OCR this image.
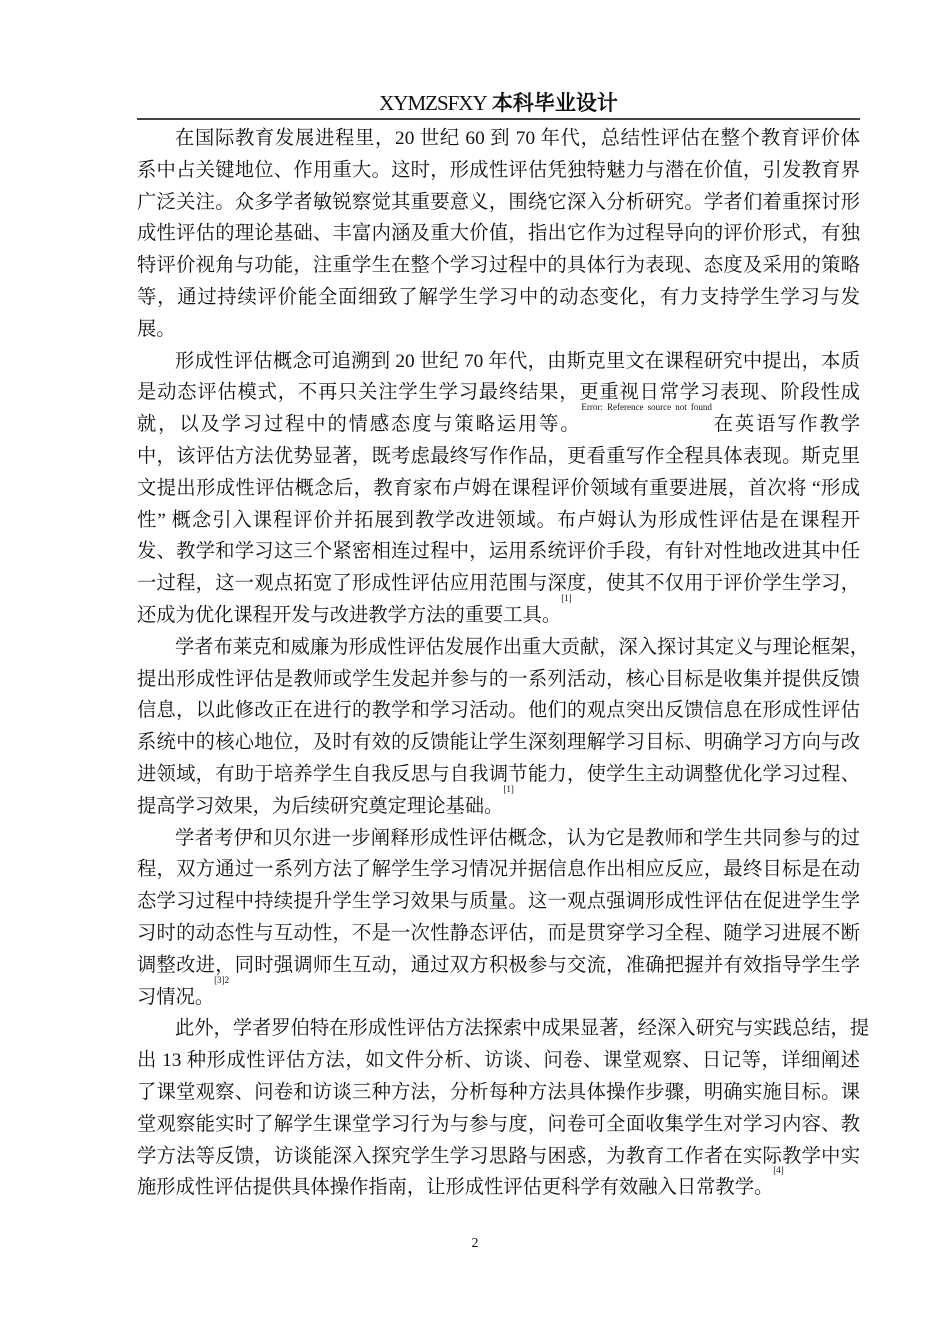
XYMZSFXY 本科毕业设计
在国际教育发展进程里，20 世纪 60 到 70 年代，总结性评估在整个教育评价体
系中占关键地位、作用重大。这时，形成性评估凭独特魅力与潜在价值，引发教育界
广泛关注。众多学者敏锐察觉其重要意义，围绕它深入分析研究。学者们着重探讨形
成性评估的理论基础、丰富内涵及重大价值，指出它作为过程导向的评价形式，有独
特评价视角与功能，注重学生在整个学习过程中的具体行为表现、态度及采用的策略
等，通过持续评价能全面细致了解学生学习中的动态变化，有力支持学生学习与发
展。
形成性评估概念可追溯到 20 世纪 70 年代，由斯克里文在课程研究中提出，本质
是动态评估模式，不再只关注学生学习最终结果，更重视日常学习表现、阶段性成
就，以及学习过程中的情感态度与策略运用等。$^{Error: Reference source not found}$在英语写作教学
中，该评估方法优势显著，既考虑最终写作作品，更看重写作全程具体表现。斯克里
文提出形成性评估概念后，教育家布卢姆在课程评价领域有重要进展，首次将 “形成
性” 概念引入课程评价并拓展到教学改进领域。布卢姆认为形成性评估是在课程开
发、教学和学习这三个紧密相连过程中，运用系统评价手段，有针对性地改进其中任
一过程，这一观点拓宽了形成性评估应用范围与深度，使其不仅用于评价学生学习，
还成为优化课程开发与改进教学方法的重要工具。[1]
学者布莱克和威廉为形成性评估发展作出重大贡献，深入探讨其定义与理论框架，
提出形成性评估是教师或学生发起并参与的一系列活动，核心目标是收集并提供反馈
信息，以此修改正在进行的教学和学习活动。他们的观点突出反馈信息在形成性评估
系统中的核心地位，及时有效的反馈能让学生深刻理解学习目标、明确学习方向与改
进领域，有助于培养学生自我反思与自我调节能力，使学生主动调整优化学习过程、
提高学习效果，为后续研究奠定理论基础。[1]
学者考伊和贝尔进一步阐释形成性评估概念，认为它是教师和学生共同参与的过
程，双方通过一系列方法了解学生学习情况并据信息作出相应反应，最终目标是在动
态学习过程中持续提升学生学习效果与质量。这一观点强调形成性评估在促进学生学
习时的动态性与互动性，不是一次性静态评估，而是贯穿学习全程、随学习进展不断
调整改进，同时强调师生互动，通过双方积极参与交流，准确把握并有效指导学生学
习情况。$^{[3]2}$
此外，学者罗伯特在形成性评估方法探索中成果显著，经深入研究与实践总结，提
出 13 种形成性评估方法，如文件分析、访谈、问卷、课堂观察、日记等，详细阐述
了课堂观察、问卷和访谈三种方法，分析每种方法具体操作步骤，明确实施目标。课
堂观察能实时了解学生课堂学习行为与参与度，问卷可全面收集学生对学习内容、教
学方法等反馈，访谈能深入探究学生学习思路与困惑，为教育工作者在实际教学中实
施形成性评估提供具体操作指南，让形成性评估更科学有效融入日常教学。[4]
2
